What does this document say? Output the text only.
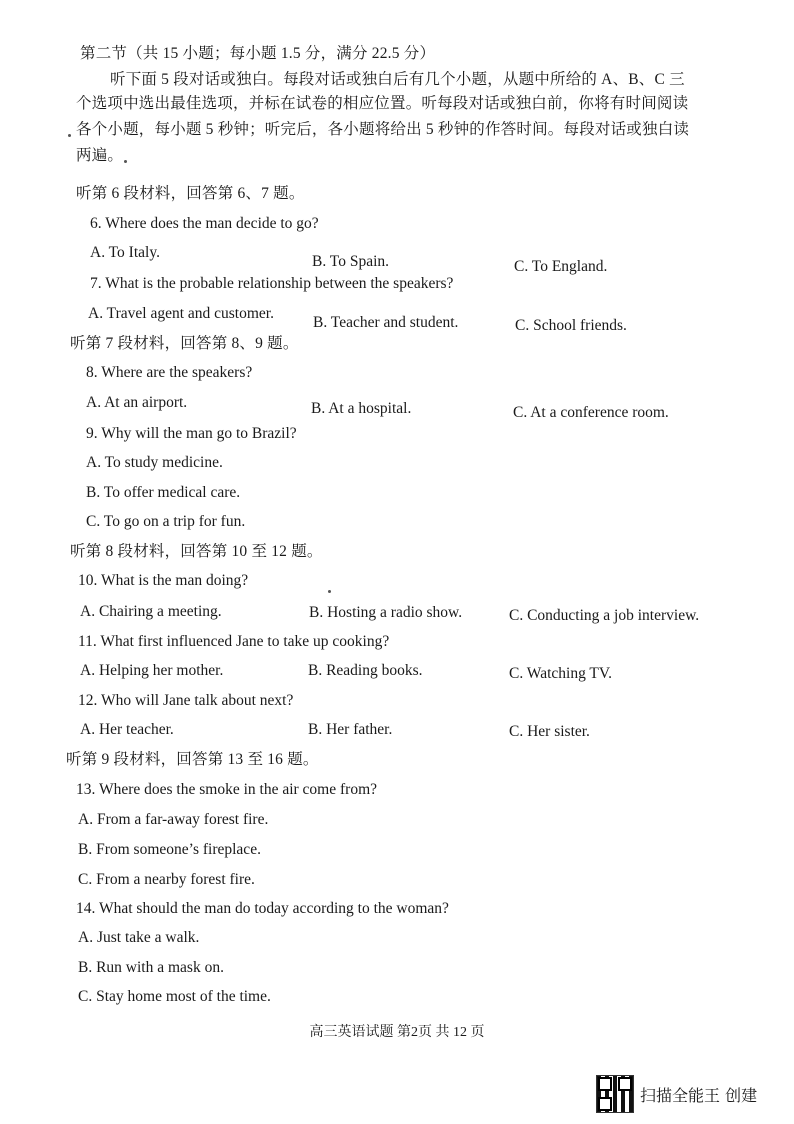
第二节（共 15 小题；每小题 1.5 分，满分 22.5 分）
听下面 5 段对话或独白。每段对话或独白后有几个小题，从题中所给的 A、B、C 三
个选项中选出最佳选项，并标在试卷的相应位置。听每段对话或独白前，你将有时间阅读
各个小题，每小题 5 秒钟；听完后，各小题将给出 5 秒钟的作答时间。每段对话或独白读
两遍。
听第 6 段材料，回答第 6、7 题。
6. Where does the man decide to go?
A. To Italy.
B. To Spain.	C. To England.
7. What is the probable relationship between the speakers?
A. Travel agent and customer.
B. Teacher and student.	C. School friends.
听第 7 段材料，回答第 8、9 题。
8. Where are the speakers?
A. At an airport.	B. At a hospital.	C. At a conference room.
9. Why will the man go to Brazil?
A. To study medicine.
B. To offer medical care.
C. To go on a trip for fun.
听第 8 段材料，回答第 10 至 12 题。
10. What is the man doing?
A. Chairing a meeting.	B. Hosting a radio show.	C. Conducting a job interview.
11. What first influenced Jane to take up cooking?
A. Helping her mother.	B. Reading books.	C. Watching TV.
12. Who will Jane talk about next?
A. Her teacher.	B. Her father.	C. Her sister.
听第 9 段材料，回答第 13 至 16 题。
13. Where does the smoke in the air come from?
A. From a far-away forest fire.
B. From someone’s fireplace.
C. From a nearby forest fire.
14. What should the man do today according to the woman?
A. Just take a walk.
B. Run with a mask on.
C. Stay home most of the time.
高三英语试题 第2页 共 12 页
扫描全能王 创建
